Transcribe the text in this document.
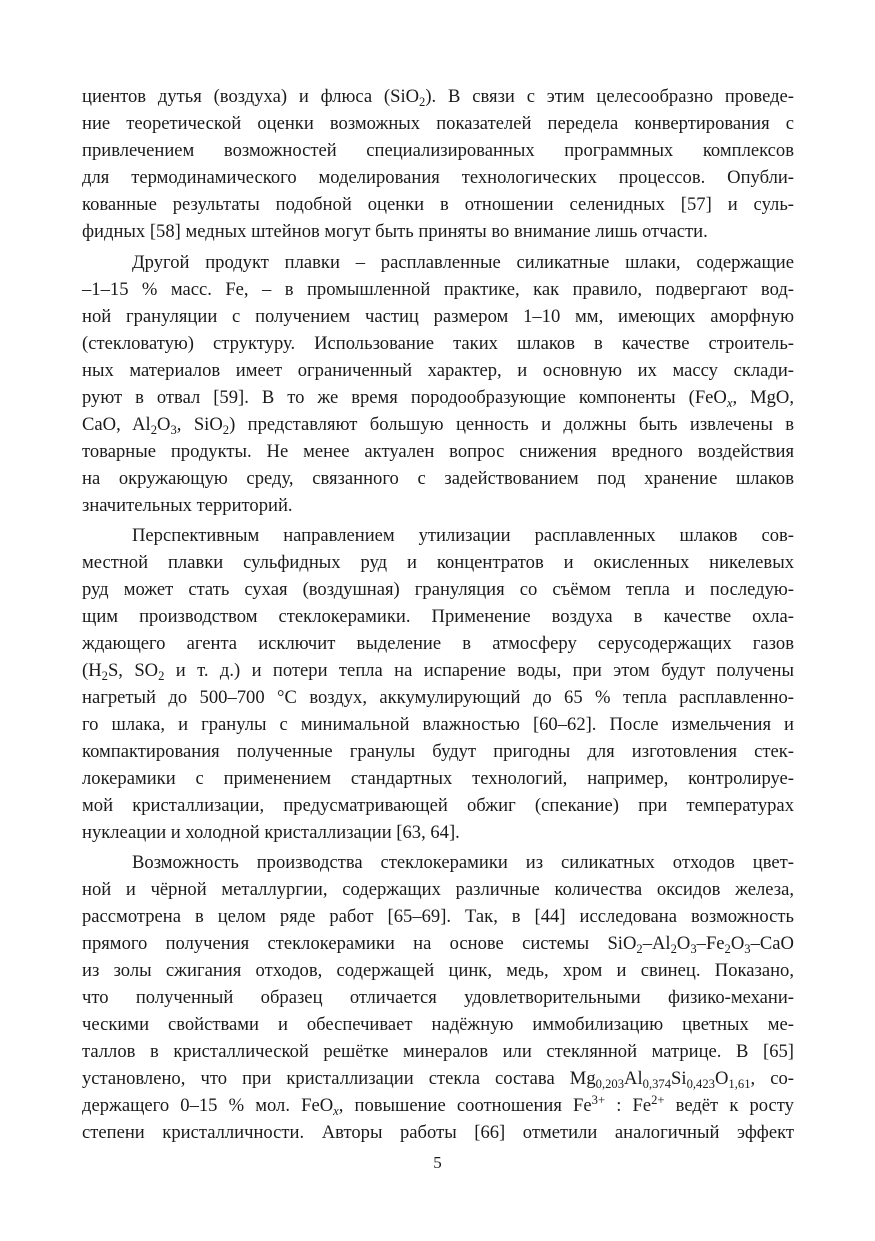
циентов дутья (воздуха) и флюса (SiO$_2$). В связи с этим целесообразно проведе-
ние теоретической оценки возможных показателей передела конвертирования с
привлечением возможностей специализированных программных комплексов
для термодинамического моделирования технологических процессов. Опубли-
кованные результаты подобной оценки в отношении селенидных [57] и суль-
фидных [58] медных штейнов могут быть приняты во внимание лишь отчасти.
Другой продукт плавки – расплавленные силикатные шлаки, содержащие
–1–15 % масс. Fe, – в промышленной практике, как правило, подвергают вод-
ной грануляции с получением частиц размером 1–10 мм, имеющих аморфную
(стекловатую) структуру. Использование таких шлаков в качестве строитель-
ных материалов имеет ограниченный характер, и основную их массу склади-
руют в отвал [59]. В то же время породообразующие компоненты (FeO$_x$, MgO,
CaO, $Al_2O_3$, SiO$_2$) представляют большую ценность и должны быть извлечены в
товарные продукты. Не менее актуален вопрос снижения вредного воздействия
на окружающую среду, связанного с задействованием под хранение шлаков
значительных территорий.
Перспективным направлением утилизации расплавленных шлаков сов-
местной плавки сульфидных руд и концентратов и окисленных никелевых
руд может стать сухая (воздушная) грануляция со съёмом тепла и последую-
щим производством стеклокерамики. Применение воздуха в качестве охла-
ждающего агента исключит выделение в атмосферу серусодержащих газов
($H_2S$, $SO_2$ и т. д.) и потери тепла на испарение воды, при этом будут получены
нагретый до 500–700 °С воздух, аккумулирующий до 65 % тепла расплавленно-
го шлака, и гранулы с минимальной влажностью [60–62]. После измельчения и
компактирования полученные гранулы будут пригодны для изготовления стек-
локерамики с применением стандартных технологий, например, контролируе-
мой кристаллизации, предусматривающей обжиг (спекание) при температурах
нуклеации и холодной кристаллизации [63, 64].
Возможность производства стеклокерамики из силикатных отходов цвет-
ной и чёрной металлургии, содержащих различные количества оксидов железа,
рассмотрена в целом ряде работ [65–69]. Так, в [44] исследована возможность
прямого получения стеклокерамики на основе системы $SiO_2-Al_2O_3-Fe_2O_3$–CaO
из золы сжигания отходов, содержащей цинк, медь, хром и свинец. Показано,
что полученный образец отличается удовлетворительными физико-механи-
ческими свойствами и обеспечивает надёжную иммобилизацию цветных ме-
таллов в кристаллической решётке минералов или стеклянной матрице. В [65]
установлено, что при кристаллизации стекла состава $Mg_{0,203}Al_{0,374}Si_{0,423}O_{1,61}$, со-
держащего 0–15 % мол. FeO$_x$, повышение соотношения $Fe^{3+}$ : $Fe^{2+}$ ведёт к росту
степени кристалличности. Авторы работы [66] отметили аналогичный эффект
5
